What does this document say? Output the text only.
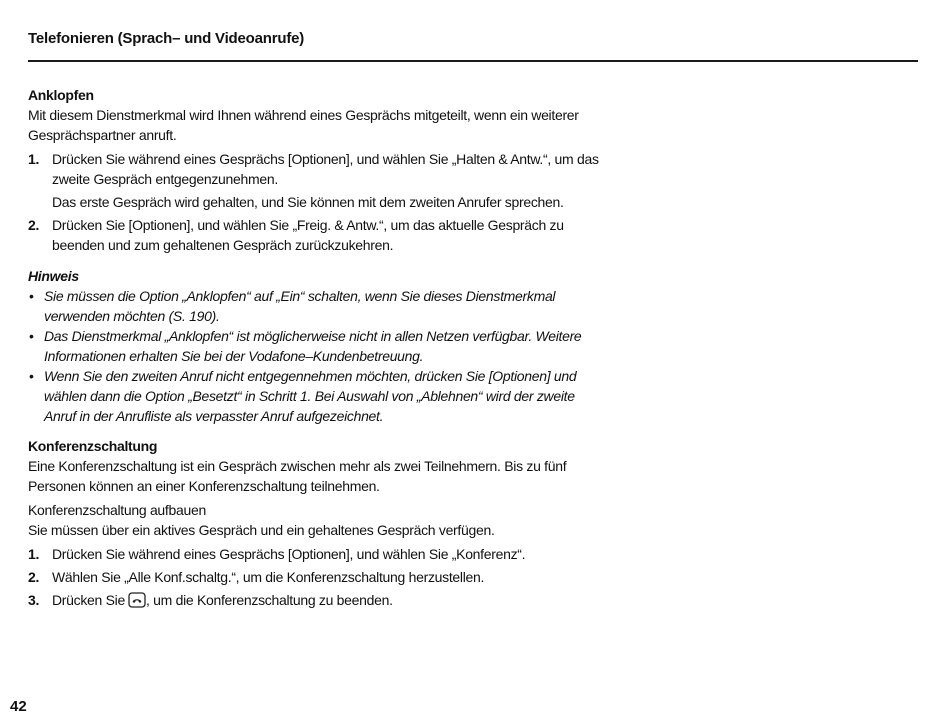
Telefonieren (Sprach– und Videoanrufe)
Anklopfen

Mit diesem Dienstmerkmal wird Ihnen während eines Gesprächs mitgeteilt, wenn ein weiterer Gesprächspartner anruft.

1. Drücken Sie während eines Gesprächs [Optionen], und wählen Sie „Halten & Antw.“, um das zweite Gespräch entgegenzunehmen.
Das erste Gespräch wird gehalten, und Sie können mit dem zweiten Anrufer sprechen.
2. Drücken Sie [Optionen], und wählen Sie „Freig. & Antw.“, um das aktuelle Gespräch zu beenden und zum gehaltenen Gespräch zurückzukehren.
Hinweis
• Sie müssen die Option „Anklopfen“ auf „Ein“ schalten, wenn Sie dieses Dienstmerkmal verwenden möchten (S. 190).
• Das Dienstmerkmal „Anklopfen“ ist möglicherweise nicht in allen Netzen verfügbar. Weitere Informationen erhalten Sie bei der Vodafone–Kundenbetreuung.
• Wenn Sie den zweiten Anruf nicht entgegennehmen möchten, drücken Sie [Optionen] und wählen dann die Option „Besetzt“ in Schritt 1. Bei Auswahl von „Ablehnen“ wird der zweite Anruf in der Anrufliste als verpasster Anruf aufgezeichnet.
Konferenzschaltung

Eine Konferenzschaltung ist ein Gespräch zwischen mehr als zwei Teilnehmern. Bis zu fünf Personen können an einer Konferenzschaltung teilnehmen.

Konferenzschaltung aufbauen

Sie müssen über ein aktives Gespräch und ein gehaltenes Gespräch verfügen.

1. Drücken Sie während eines Gesprächs [Optionen], und wählen Sie „Konferenz“.
2. Wählen Sie „Alle Konf.schaltg.“, um die Konferenzschaltung herzustellen.
3. Drücken Sie , um die Konferenzschaltung zu beenden.
42
